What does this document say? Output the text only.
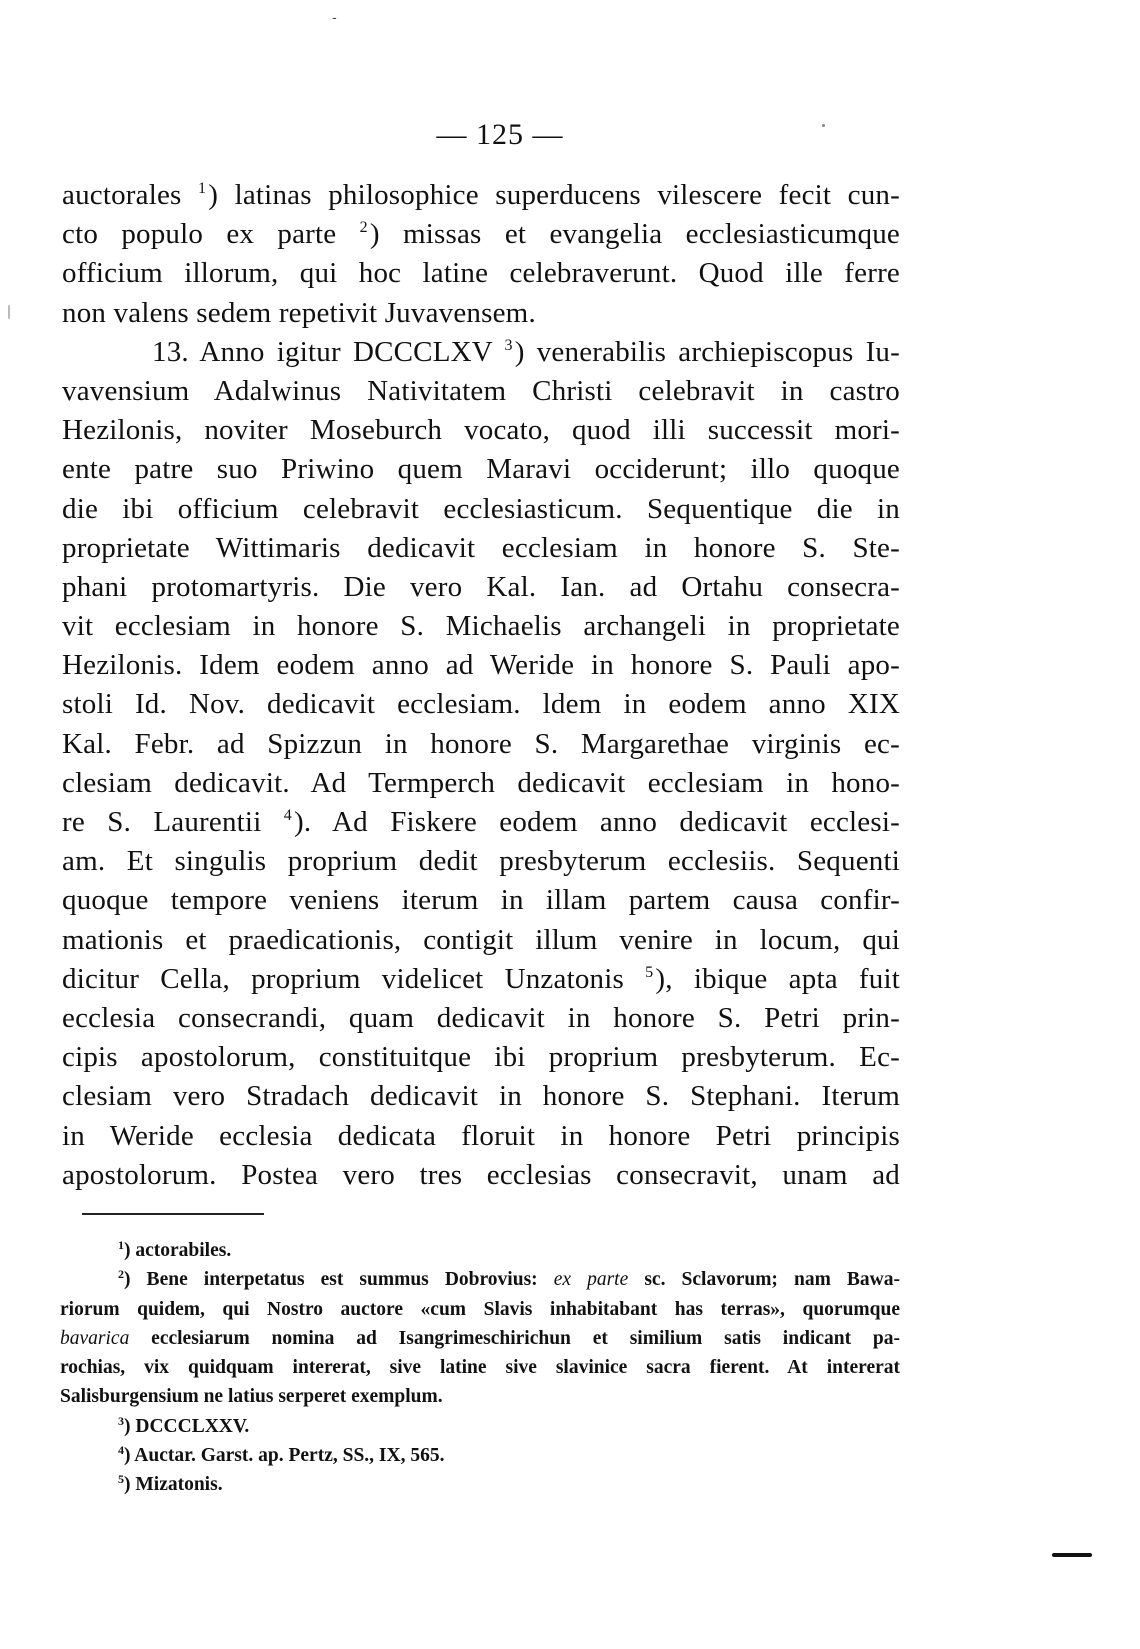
-
— 125 —
auctorales $^1$) latinas philosophice superducens vilescere fecit cun-
cto populo ex parte $^2$) missas et evangelia ecclesiasticumque
officium illorum, qui hoc latine celebraverunt. Quod ille ferre
non valens sedem repetivit Juvavensem.
13. Anno igitur DCCCLXV $^3$) venerabilis archiepiscopus Iu-
vavensium Adalwinus Nativitatem Christi celebravit in castro
Hezilonis, noviter Moseburch vocato, quod illi successit mori-
ente patre suo Priwino quem Maravi occiderunt; illo quoque
die ibi officium celebravit ecclesiasticum. Sequentique die in
proprietate Wittimaris dedicavit ecclesiam in honore S. Ste-
phani protomartyris. Die vero Kal. Ian. ad Ortahu consecra-
vit ecclesiam in honore S. Michaelis archangeli in proprietate
Hezilonis. Idem eodem anno ad Weride in honore S. Pauli apo-
stoli Id. Nov. dedicavit ecclesiam. ldem in eodem anno XIX
Kal. Febr. ad Spizzun in honore S. Margarethae virginis ec-
clesiam dedicavit. Ad Termperch dedicavit ecclesiam in hono-
re S. Laurentii $^4$). Ad Fiskere eodem anno dedicavit ecclesi-
am. Et singulis proprium dedit presbyterum ecclesiis. Sequenti
quoque tempore veniens iterum in illam partem causa confir-
mationis et praedicationis, contigit illum venire in locum, qui
dicitur Cella, proprium videlicet Unzatonis $^5$), ibique apta fuit
ecclesia consecrandi, quam dedicavit in honore S. Petri prin-
cipis apostolorum, constituitque ibi proprium presbyterum. Ec-
clesiam vero Stradach dedicavit in honore S. Stephani. Iterum
in Weride ecclesia dedicata floruit in honore Petri principis
apostolorum. Postea vero tres ecclesias consecravit, unam ad
$^1$) actorabiles.
$^2$) Bene interpetatus est summus Dobrovius: ex parte sc. Sclavorum; nam Bawa-
riorum quidem, qui Nostro auctore «cum Slavis inhabitabant has terras», quorumque
bavarica ecclesiarum nomina ad Isangrimeschirichun et similium satis indicant pa-
rochias, vix quidquam intererat, sive latine sive slavinice sacra fierent. At intererat
Salisburgensium ne latius serperet exemplum.
$^3$) DCCCLXXV.
$^4$) Auctar. Garst. ap. Pertz, SS., IX, 565.
$^5$) Mizatonis.
